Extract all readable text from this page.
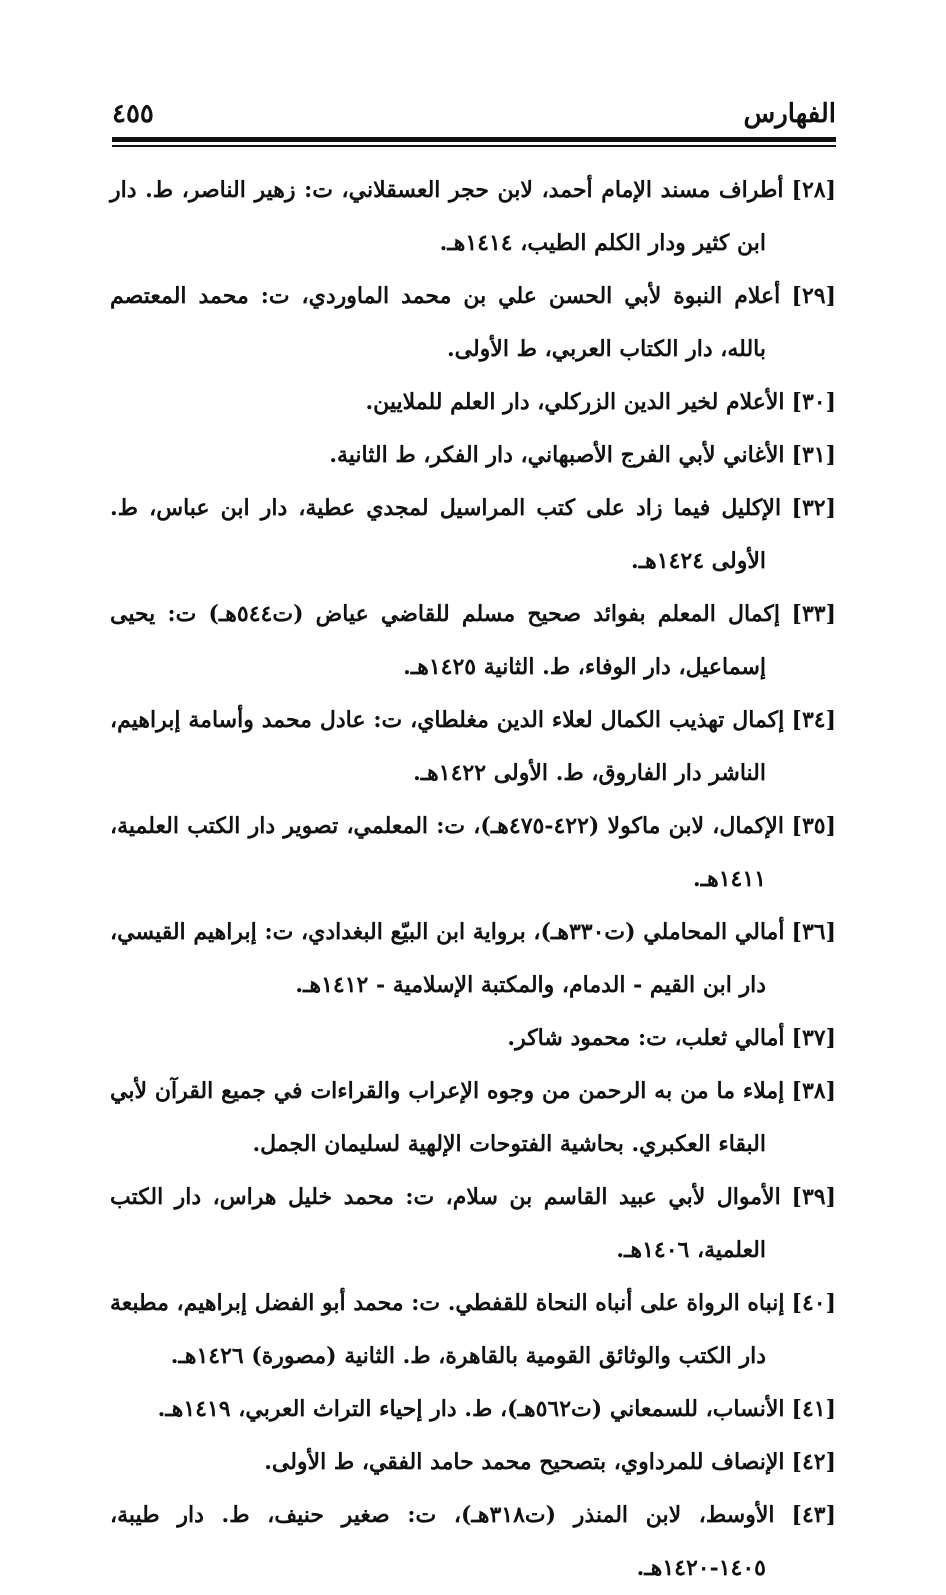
الفهارس
٤٥٥

[٢٨] أطراف مسند الإمام أحمد، لابن حجر العسقلاني، ت: زهير الناصر، ط. دار ابن كثير ودار الكلم الطيب، ١٤١٤هـ.

[٢٩] أعلام النبوة لأبي الحسن علي بن محمد الماوردي، ت: محمد المعتصم بالله، دار الكتاب العربي، ط الأولى.

[٣٠] الأعلام لخير الدين الزركلي، دار العلم للملايين.

[٣١] الأغاني لأبي الفرج الأصبهاني، دار الفكر، ط الثانية.

[٣٢] الإكليل فيما زاد على كتب المراسيل لمجدي عطية، دار ابن عباس، ط. الأولى ١٤٢٤هـ.

[٣٣] إكمال المعلم بفوائد صحيح مسلم للقاضي عياض (ت٥٤٤هـ) ت: يحيى إسماعيل، دار الوفاء، ط. الثانية ١٤٢٥هـ.

[٣٤] إكمال تهذيب الكمال لعلاء الدين مغلطاي، ت: عادل محمد وأسامة إبراهيم، الناشر دار الفاروق، ط. الأولى ١٤٢٢هـ.

[٣٥] الإكمال، لابن ماكولا (٤٢٢-٤٧٥هـ)، ت: المعلمي، تصوير دار الكتب العلمية، ١٤١١هـ.

[٣٦] أمالي المحاملي (ت٣٣٠هـ)، برواية ابن البيّع البغدادي، ت: إبراهيم القيسي، دار ابن القيم - الدمام، والمكتبة الإسلامية - ١٤١٢هـ.

[٣٧] أمالي ثعلب، ت: محمود شاكر.

[٣٨] إملاء ما من به الرحمن من وجوه الإعراب والقراءات في جميع القرآن لأبي البقاء العكبري. بحاشية الفتوحات الإلهية لسليمان الجمل.

[٣٩] الأموال لأبي عبيد القاسم بن سلام، ت: محمد خليل هراس، دار الكتب العلمية، ١٤٠٦هـ.

[٤٠] إنباه الرواة على أنباه النحاة للقفطي. ت: محمد أبو الفضل إبراهيم، مطبعة دار الكتب والوثائق القومية بالقاهرة، ط. الثانية (مصورة) ١٤٢٦هـ.

[٤١] الأنساب، للسمعاني (ت٥٦٢هـ)، ط. دار إحياء التراث العربي، ١٤١٩هـ.

[٤٢] الإنصاف للمرداوي، بتصحيح محمد حامد الفقي، ط الأولى.

[٤٣] الأوسط، لابن المنذر (ت٣١٨هـ)، ت: صغير حنيف، ط. دار طيبة، ١٤٠٥-١٤٢٠هـ.
